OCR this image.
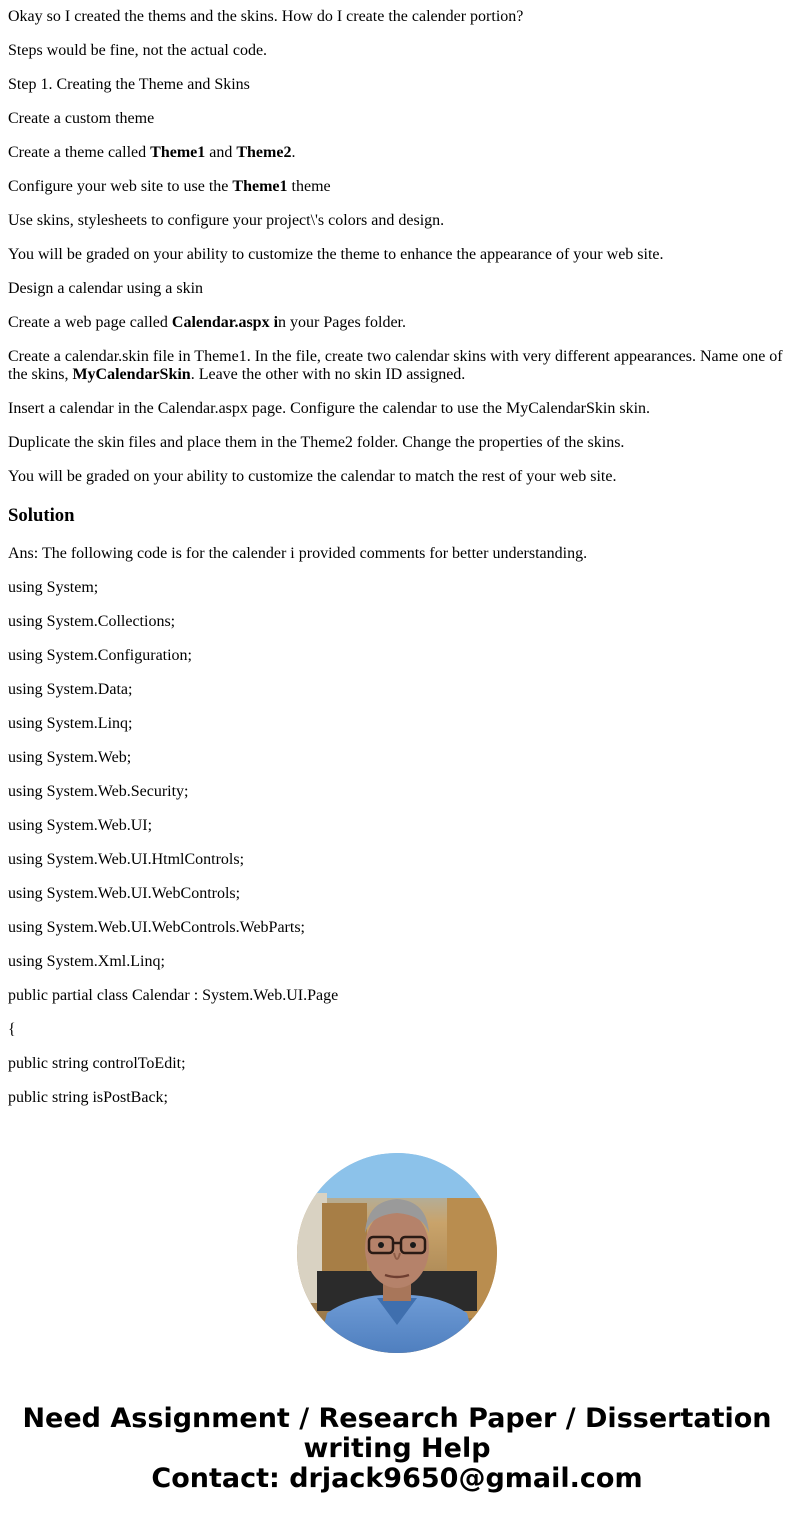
Okay so I created the thems and the skins. How do I create the calender portion?

Steps would be fine, not the actual code.

Step 1. Creating the Theme and Skins

Create a custom theme

Create a theme called Theme1 and Theme2.

Configure your web site to use the Theme1 theme

Use skins, stylesheets to configure your project\'s colors and design.

You will be graded on your ability to customize the theme to enhance the appearance of your web site.

Design a calendar using a skin

Create a web page called Calendar.aspx in your Pages folder.

Create a calendar.skin file in Theme1. In the file, create two calendar skins with very different appearances. Name one of the skins, MyCalendarSkin. Leave the other with no skin ID assigned.

Insert a calendar in the Calendar.aspx page. Configure the calendar to use the MyCalendarSkin skin.

Duplicate the skin files and place them in the Theme2 folder. Change the properties of the skins.

You will be graded on your ability to customize the calendar to match the rest of your web site.

Solution

Ans: The following code is for the calender i provided comments for better understanding.

using System;

using System.Collections;

using System.Configuration;

using System.Data;

using System.Linq;

using System.Web;

using System.Web.Security;

using System.Web.UI;

using System.Web.UI.HtmlControls;

using System.Web.UI.WebControls;

using System.Web.UI.WebControls.WebParts;

using System.Xml.Linq;

public partial class Calendar : System.Web.UI.Page

{

public string controlToEdit;

public string isPostBack;

Need Assignment / Research Paper / Dissertation
writing Help
Contact: drjack9650@gmail.com
